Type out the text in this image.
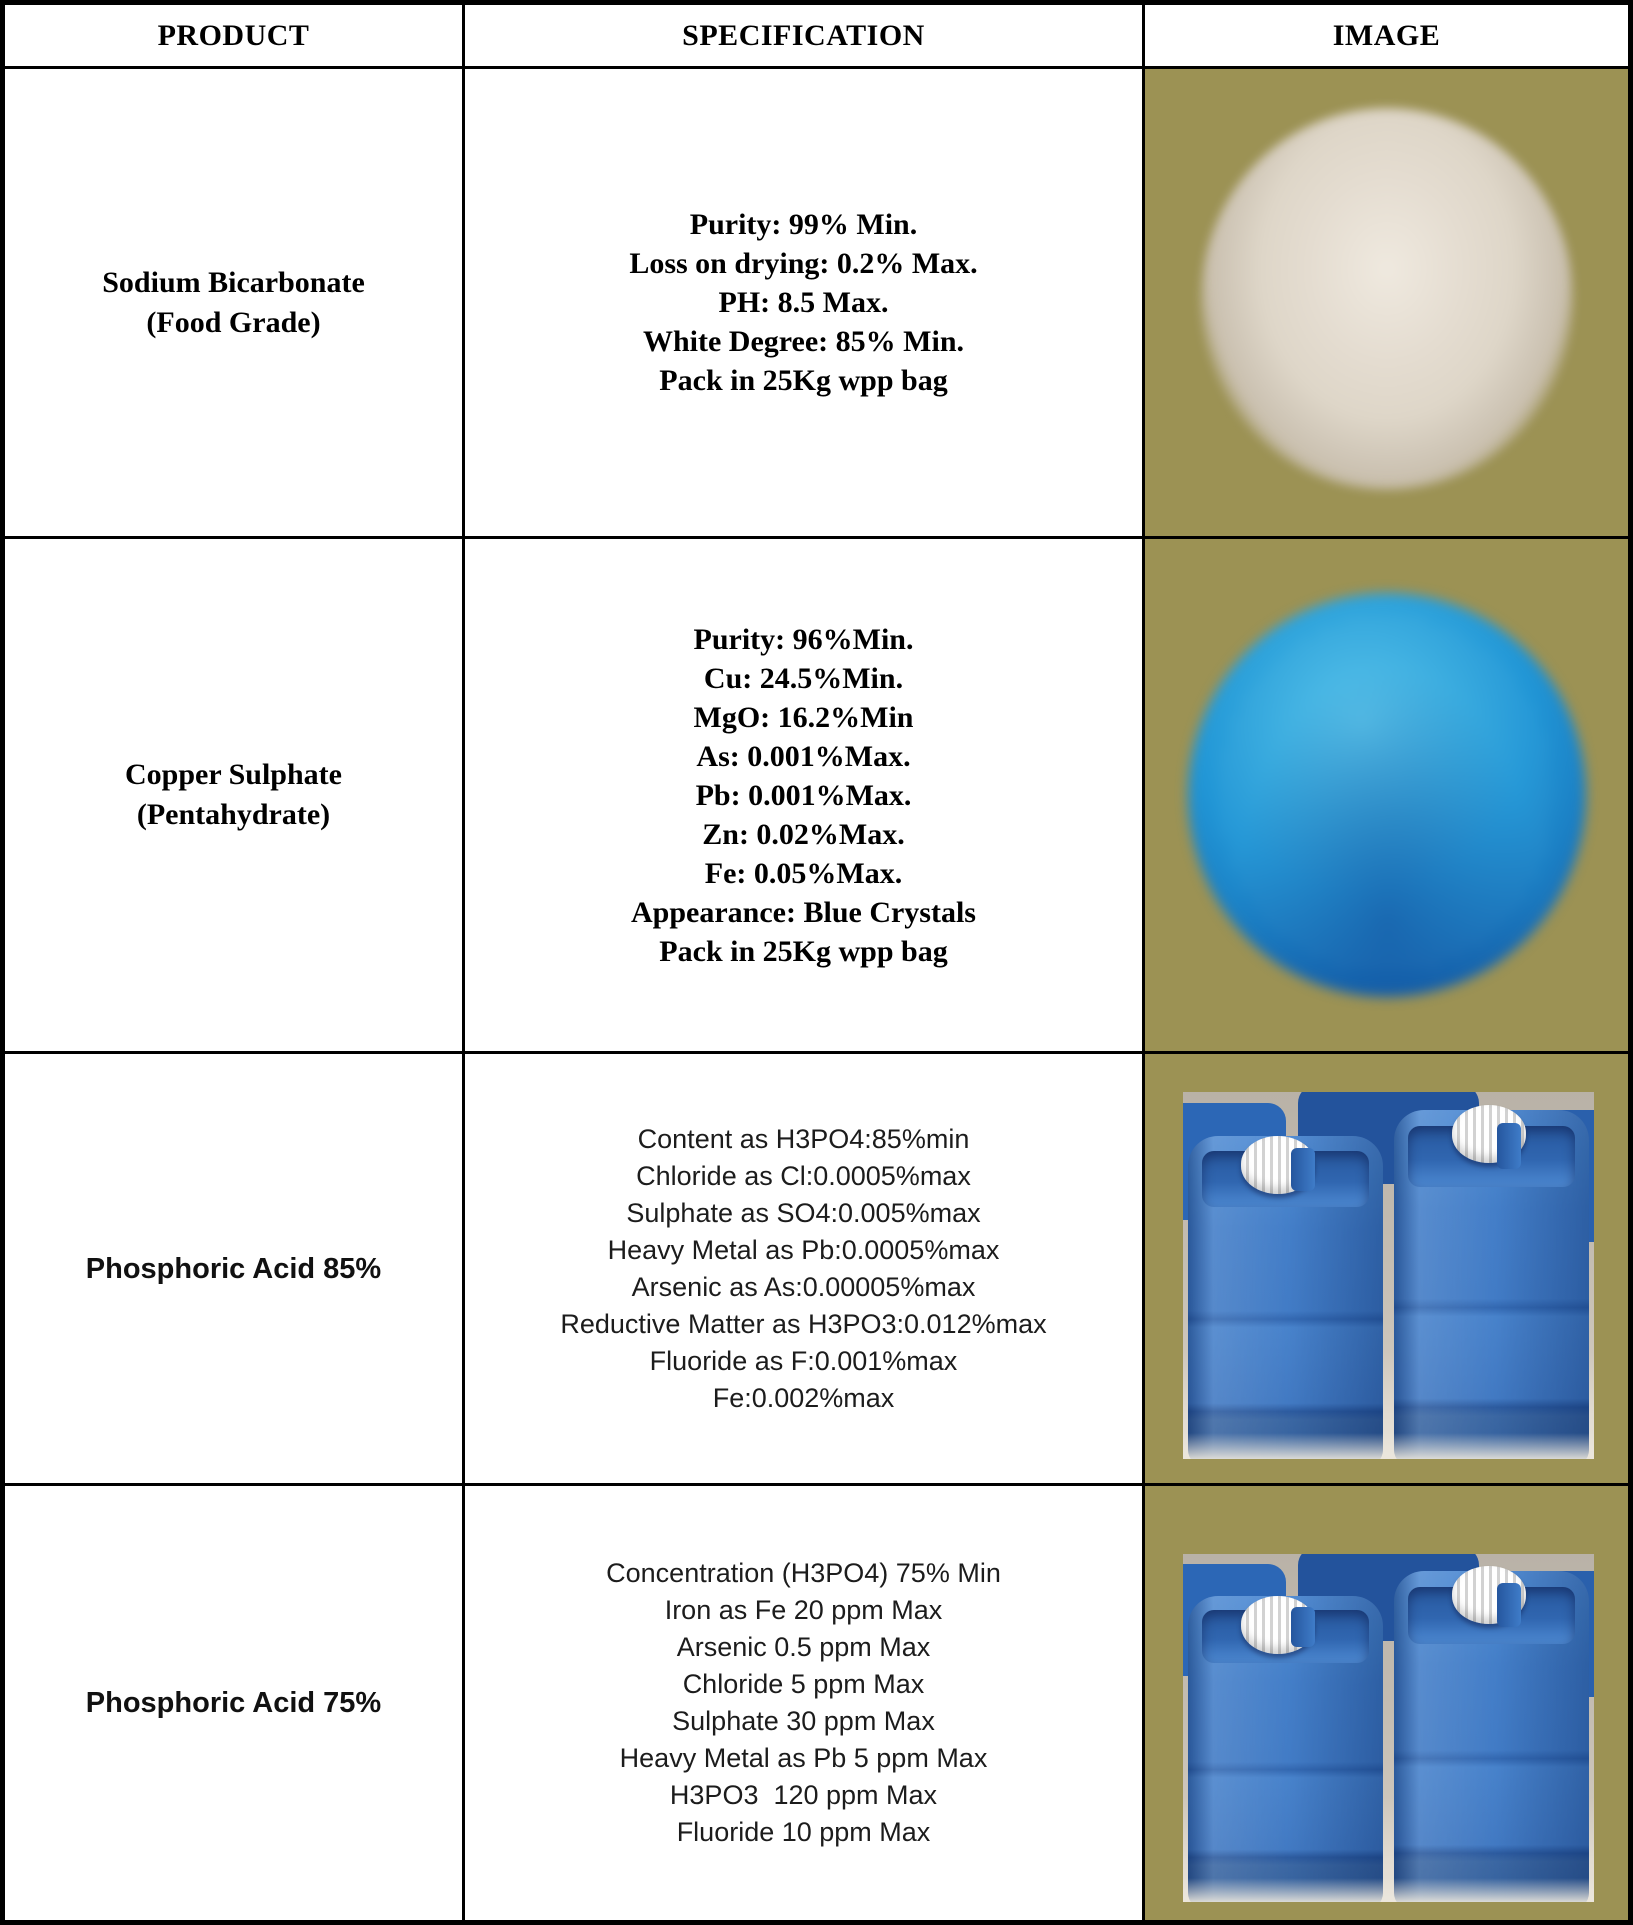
PRODUCT	SPECIFICATION	IMAGE
Sodium Bicarbonate
(Food Grade)
Purity: 99% Min.
Loss on drying: 0.2% Max.
PH: 8.5 Max.
White Degree: 85% Min.
Pack in 25Kg wpp bag
Copper Sulphate
(Pentahydrate)
Purity: 96%Min.
Cu: 24.5%Min.
MgO: 16.2%Min
As: 0.001%Max.
Pb: 0.001%Max.
Zn: 0.02%Max.
Fe: 0.05%Max.
Appearance: Blue Crystals
Pack in 25Kg wpp bag
Phosphoric Acid 85%
Content as H3PO4:85%min
Chloride as Cl:0.0005%max
Sulphate as SO4:0.005%max
Heavy Metal as Pb:0.0005%max
Arsenic as As:0.00005%max
Reductive Matter as H3PO3:0.012%max
Fluoride as F:0.001%max
Fe:0.002%max
Phosphoric Acid 75%
Concentration (H3PO4) 75% Min
Iron as Fe 20 ppm Max
Arsenic 0.5 ppm Max
Chloride 5 ppm Max
Sulphate 30 ppm Max
Heavy Metal as Pb 5 ppm Max
H3PO3  120 ppm Max
Fluoride 10 ppm Max
